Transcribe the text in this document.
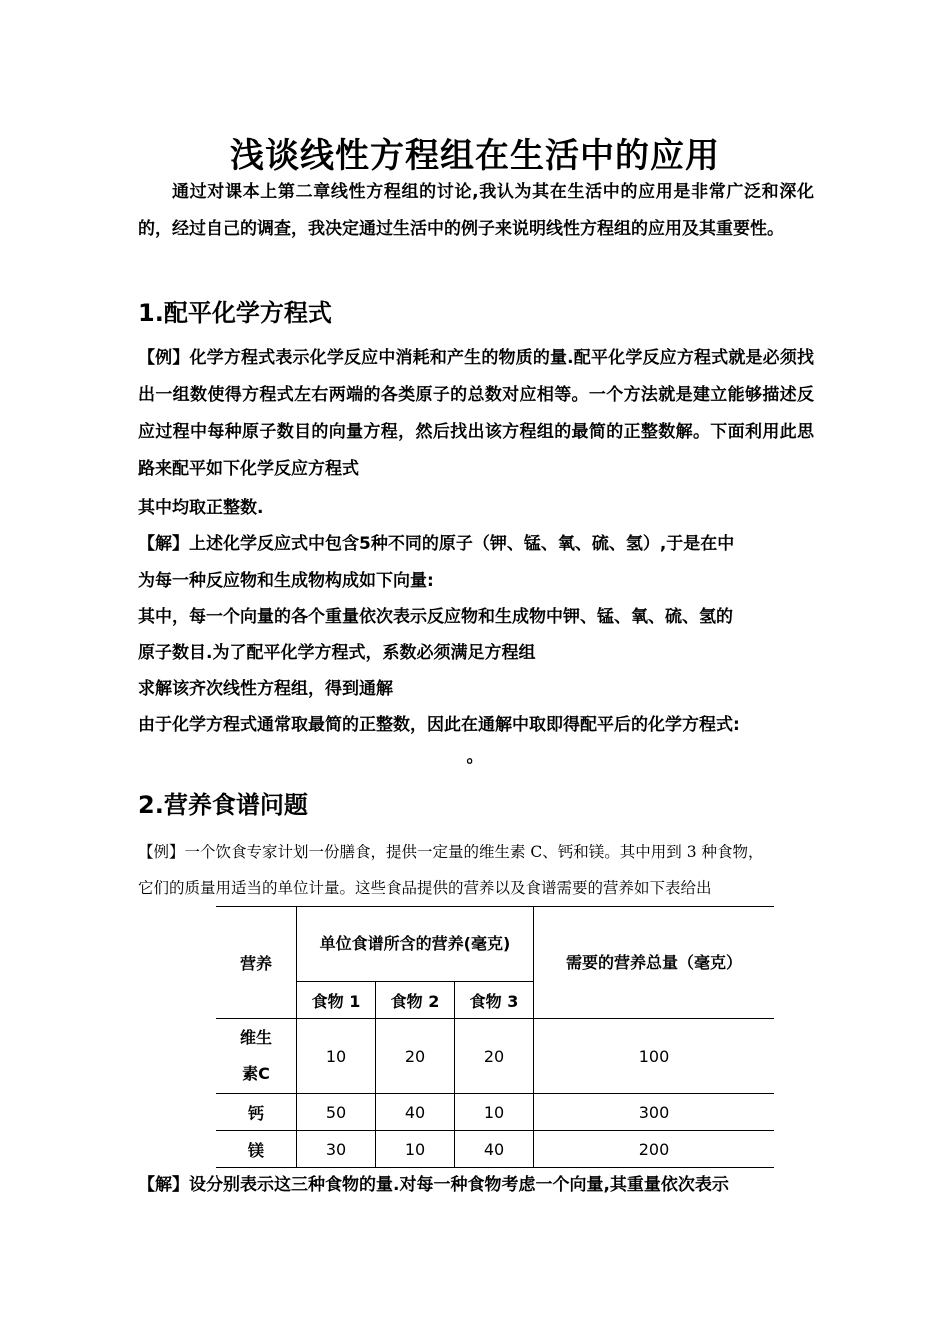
浅谈线性方程组在生活中的应用
通过对课本上第二章线性方程组的讨论,我认为其在生活中的应用是非常广泛和深化的，经过自己的调查，我决定通过生活中的例子来说明线性方程组的应用及其重要性。
1.配平化学方程式
【例】化学方程式表示化学反应中消耗和产生的物质的量.配平化学反应方程式就是必须找出一组数使得方程式左右两端的各类原子的总数对应相等。一个方法就是建立能够描述反应过程中每种原子数目的向量方程，然后找出该方程组的最简的正整数解。下面利用此思路来配平如下化学反应方程式
其中均取正整数.
【解】上述化学反应式中包含5种不同的原子（钾、锰、氧、硫、氢）,于是在中
为每一种反应物和生成物构成如下向量:
其中，每一个向量的各个重量依次表示反应物和生成物中钾、锰、氧、硫、氢的
原子数目.为了配平化学方程式，系数必须满足方程组
求解该齐次线性方程组，得到通解
由于化学方程式通常取最简的正整数，因此在通解中取即得配平后的化学方程式:
。
2.营养食谱问题
【例】一个饮食专家计划一份膳食，提供一定量的维生素 C、钙和镁。其中用到 3 种食物，
它们的质量用适当的单位计量。这些食品提供的营养以及食谱需要的营养如下表给出
营养	单位食谱所含的营养(毫克)			需要的营养总量（毫克）
	食物 1	食物 2	食物 3	
维生素C	10	20	20	100
钙	50	40	10	300
镁	30	10	40	200
【解】设分别表示这三种食物的量.对每一种食物考虑一个向量,其重量依次表示
